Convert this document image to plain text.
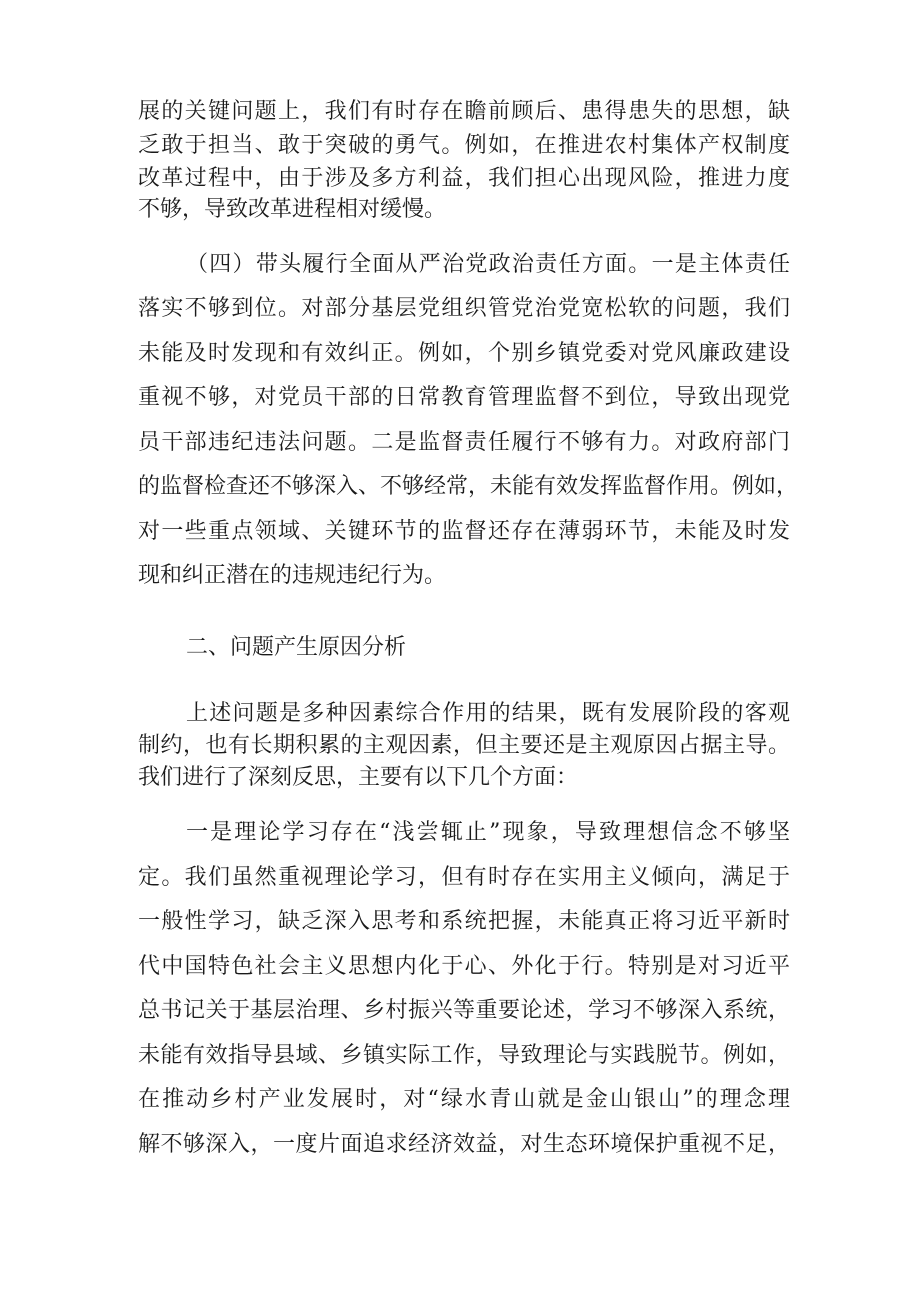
展的关键问题上，我们有时存在瞻前顾后、患得患失的思想，缺

乏敢于担当、敢于突破的勇气。例如，在推进农村集体产权制度

改革过程中，由于涉及多方利益，我们担心出现风险，推进力度

不够，导致改革进程相对缓慢。

（四）带头履行全面从严治党政治责任方面。一是主体责任

落实不够到位。对部分基层党组织管党治党宽松软的问题，我们

未能及时发现和有效纠正。例如，个别乡镇党委对党风廉政建设

重视不够，对党员干部的日常教育管理监督不到位，导致出现党

员干部违纪违法问题。二是监督责任履行不够有力。对政府部门

的监督检查还不够深入、不够经常，未能有效发挥监督作用。例如，

对一些重点领域、关键环节的监督还存在薄弱环节，未能及时发

现和纠正潜在的违规违纪行为。

二、问题产生原因分析

上述问题是多种因素综合作用的结果，既有发展阶段的客观

制约，也有长期积累的主观因素，但主要还是主观原因占据主导。

我们进行了深刻反思，主要有以下几个方面：

一是理论学习存在“浅尝辄止”现象，导致理想信念不够坚

定。我们虽然重视理论学习，但有时存在实用主义倾向，满足于

一般性学习，缺乏深入思考和系统把握，未能真正将习近平新时

代中国特色社会主义思想内化于心、外化于行。特别是对习近平

总书记关于基层治理、乡村振兴等重要论述，学习不够深入系统，

未能有效指导县域、乡镇实际工作，导致理论与实践脱节。例如，

在推动乡村产业发展时，对“绿水青山就是金山银山”的理念理

解不够深入，一度片面追求经济效益，对生态环境保护重视不足，
